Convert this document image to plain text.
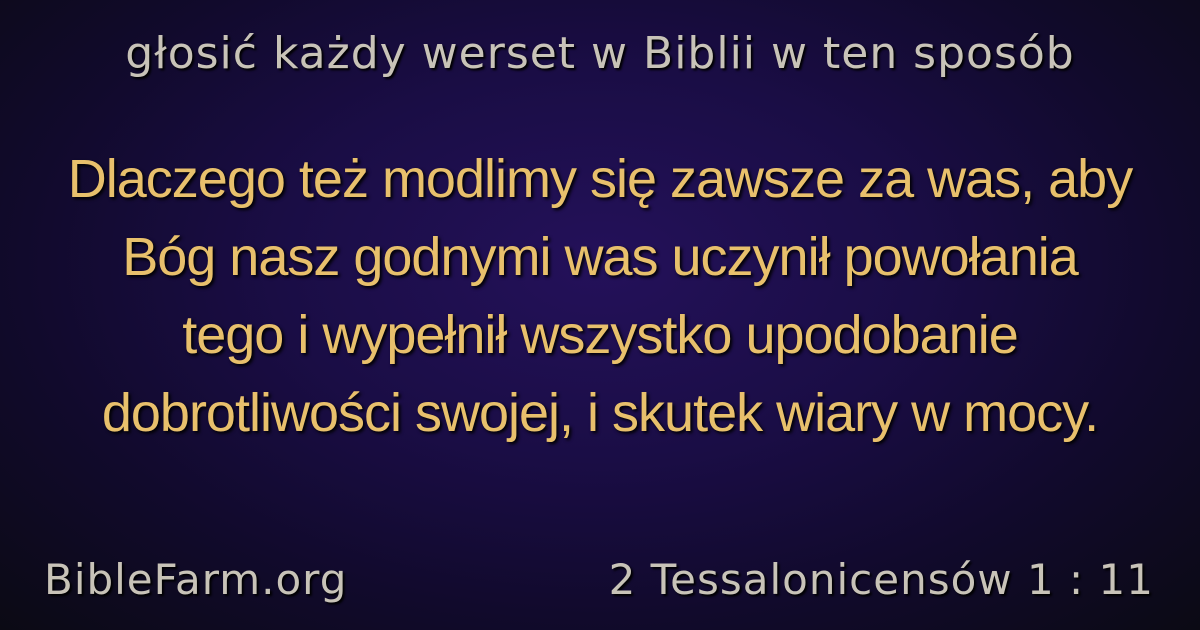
głosić każdy werset w Biblii w ten sposób
Dlaczego też modlimy się zawsze za was, aby
Bóg nasz godnymi was uczynił powołania
tego i wypełnił wszystko upodobanie
dobrotliwości swojej, i skutek wiary w mocy.
BibleFarm.org	2 Tessalonicensów 1 : 11
